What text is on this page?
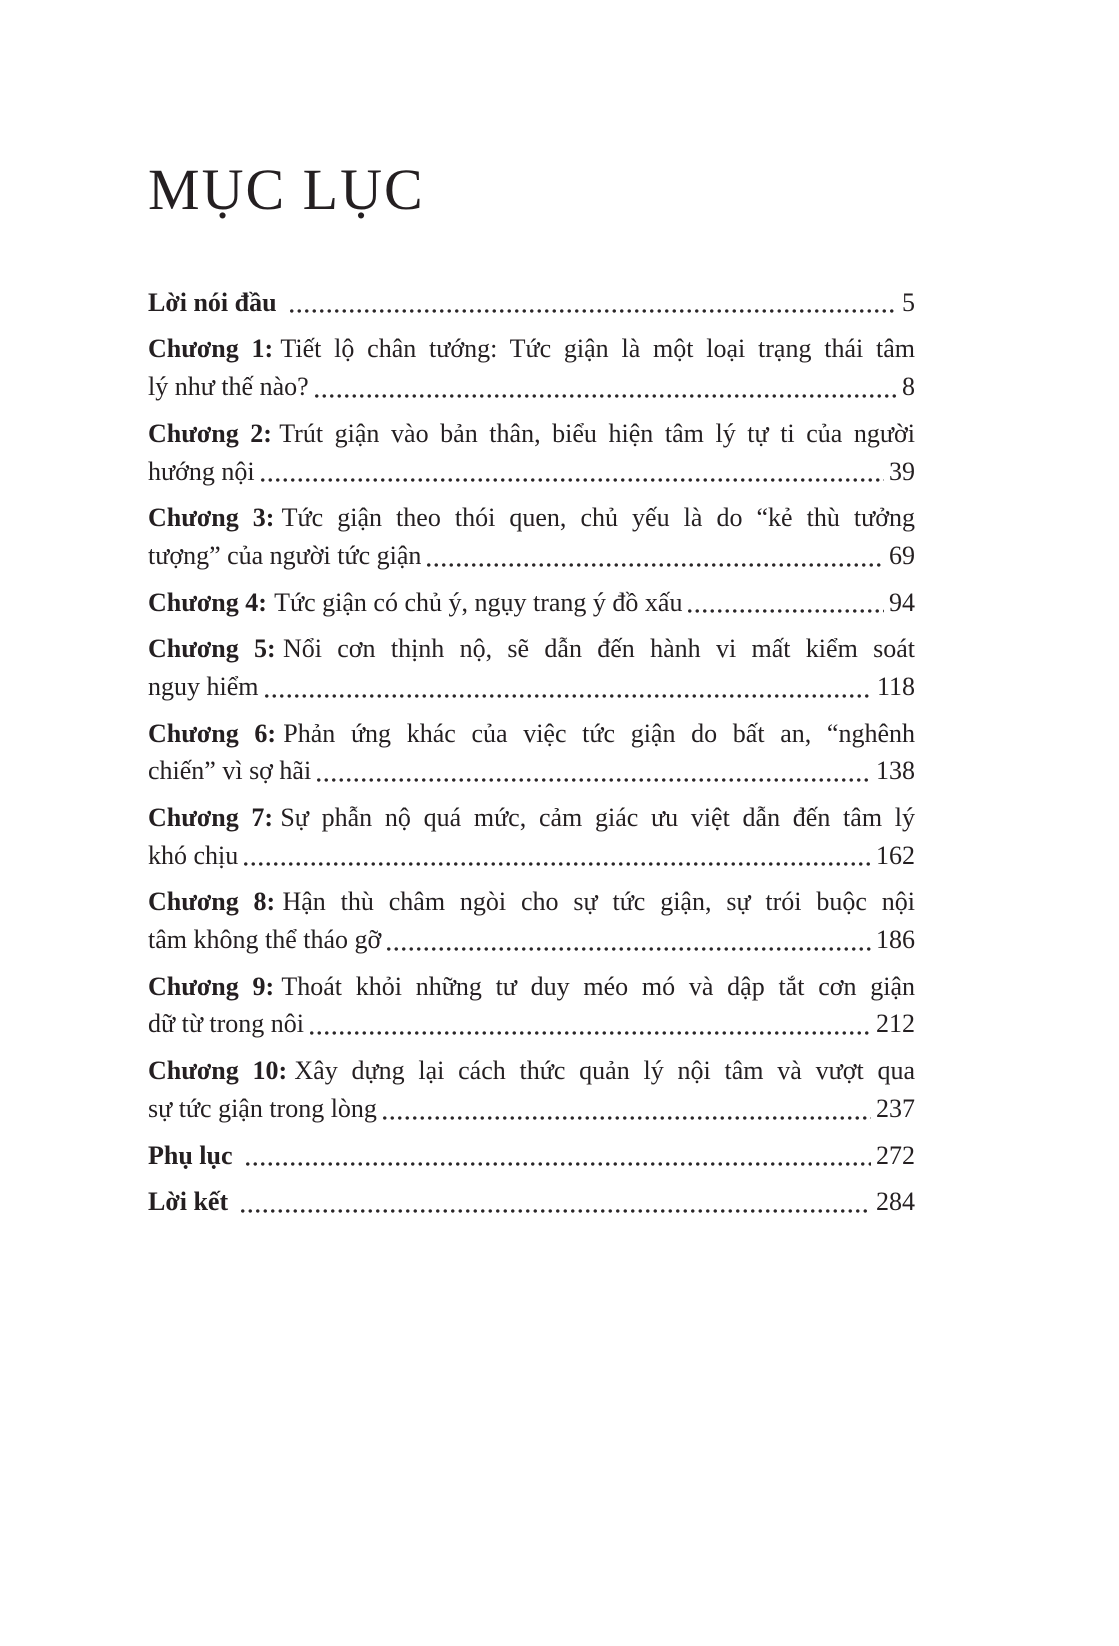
MỤC LỤC
Lời nói đầu	5
Chương 1: Tiết lộ chân tướng: Tức giận là một loại trạng thái tâm
lý như thế nào?	8
Chương 2: Trút giận vào bản thân, biểu hiện tâm lý tự ti của người
hướng nội	39
Chương 3: Tức giận theo thói quen, chủ yếu là do “kẻ thù tưởng
tượng” của người tức giận	69
Chương 4: Tức giận có chủ ý, ngụy trang ý đồ xấu	94
Chương 5: Nổi cơn thịnh nộ, sẽ dẫn đến hành vi mất kiểm soát
nguy hiểm	118
Chương 6: Phản ứng khác của việc tức giận do bất an, “nghênh
chiến” vì sợ hãi	138
Chương 7: Sự phẫn nộ quá mức, cảm giác ưu việt dẫn đến tâm lý
khó chịu	162
Chương 8: Hận thù châm ngòi cho sự tức giận, sự trói buộc nội
tâm không thể tháo gỡ	186
Chương 9: Thoát khỏi những tư duy méo mó và dập tắt cơn giận
dữ từ trong nôi	212
Chương 10: Xây dựng lại cách thức quản lý nội tâm và vượt qua
sự tức giận trong lòng	237
Phụ lục	272
Lời kết	284
